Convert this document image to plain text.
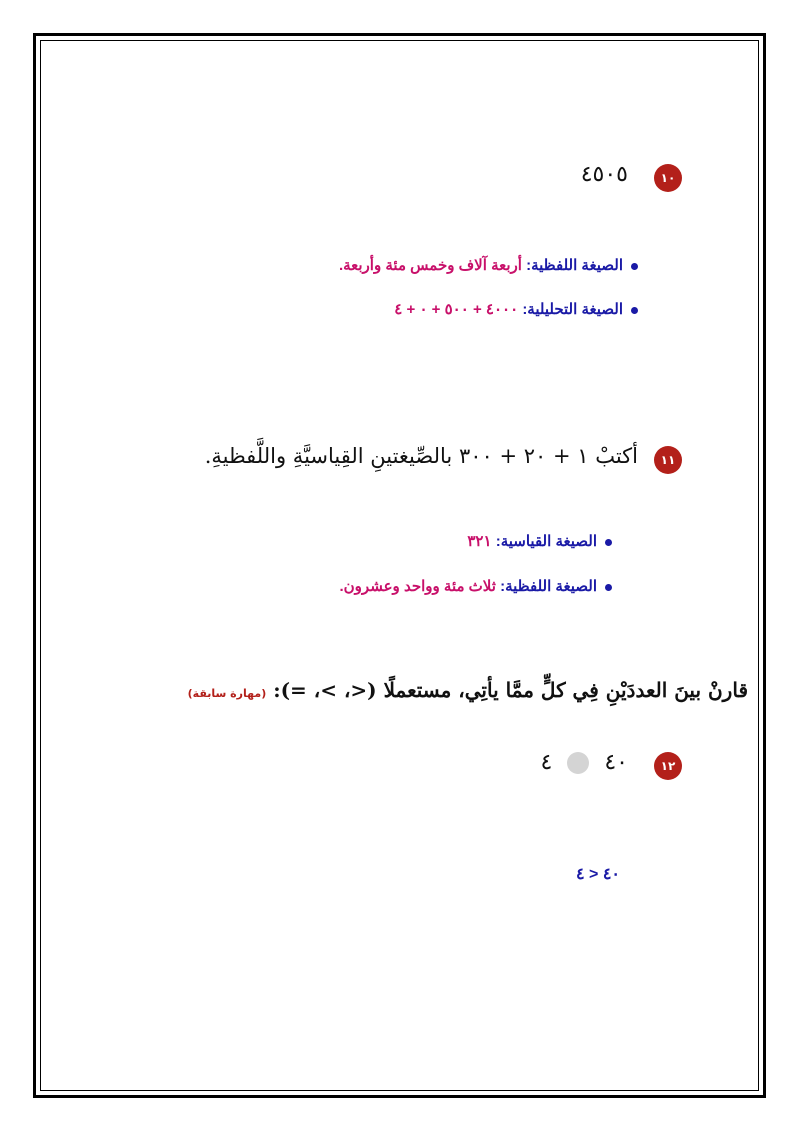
١٠
٤٥٠٥
الصيغة اللفظية: أربعة آلاف وخمس مئة وأربعة.
الصيغة التحليلية: ٤٠٠٠ + ٥٠٠ + ٠ + ٤
١١
أكتبْ ١ + ٢٠ + ٣٠٠ بالصِّيغتينِ القِياسيَّةِ واللَّفظيةِ.
الصيغة القياسية: ٣٢١
الصيغة اللفظية: ثلاث مئة وواحد وعشرون.
قارنْ بينَ العددَيْنِ فِي كلٍّ ممَّا يأتِي، مستعملًا (<، >، =): (مهارة سابقة)
١٢
٤٠  ٤
٤٠ < ٤
